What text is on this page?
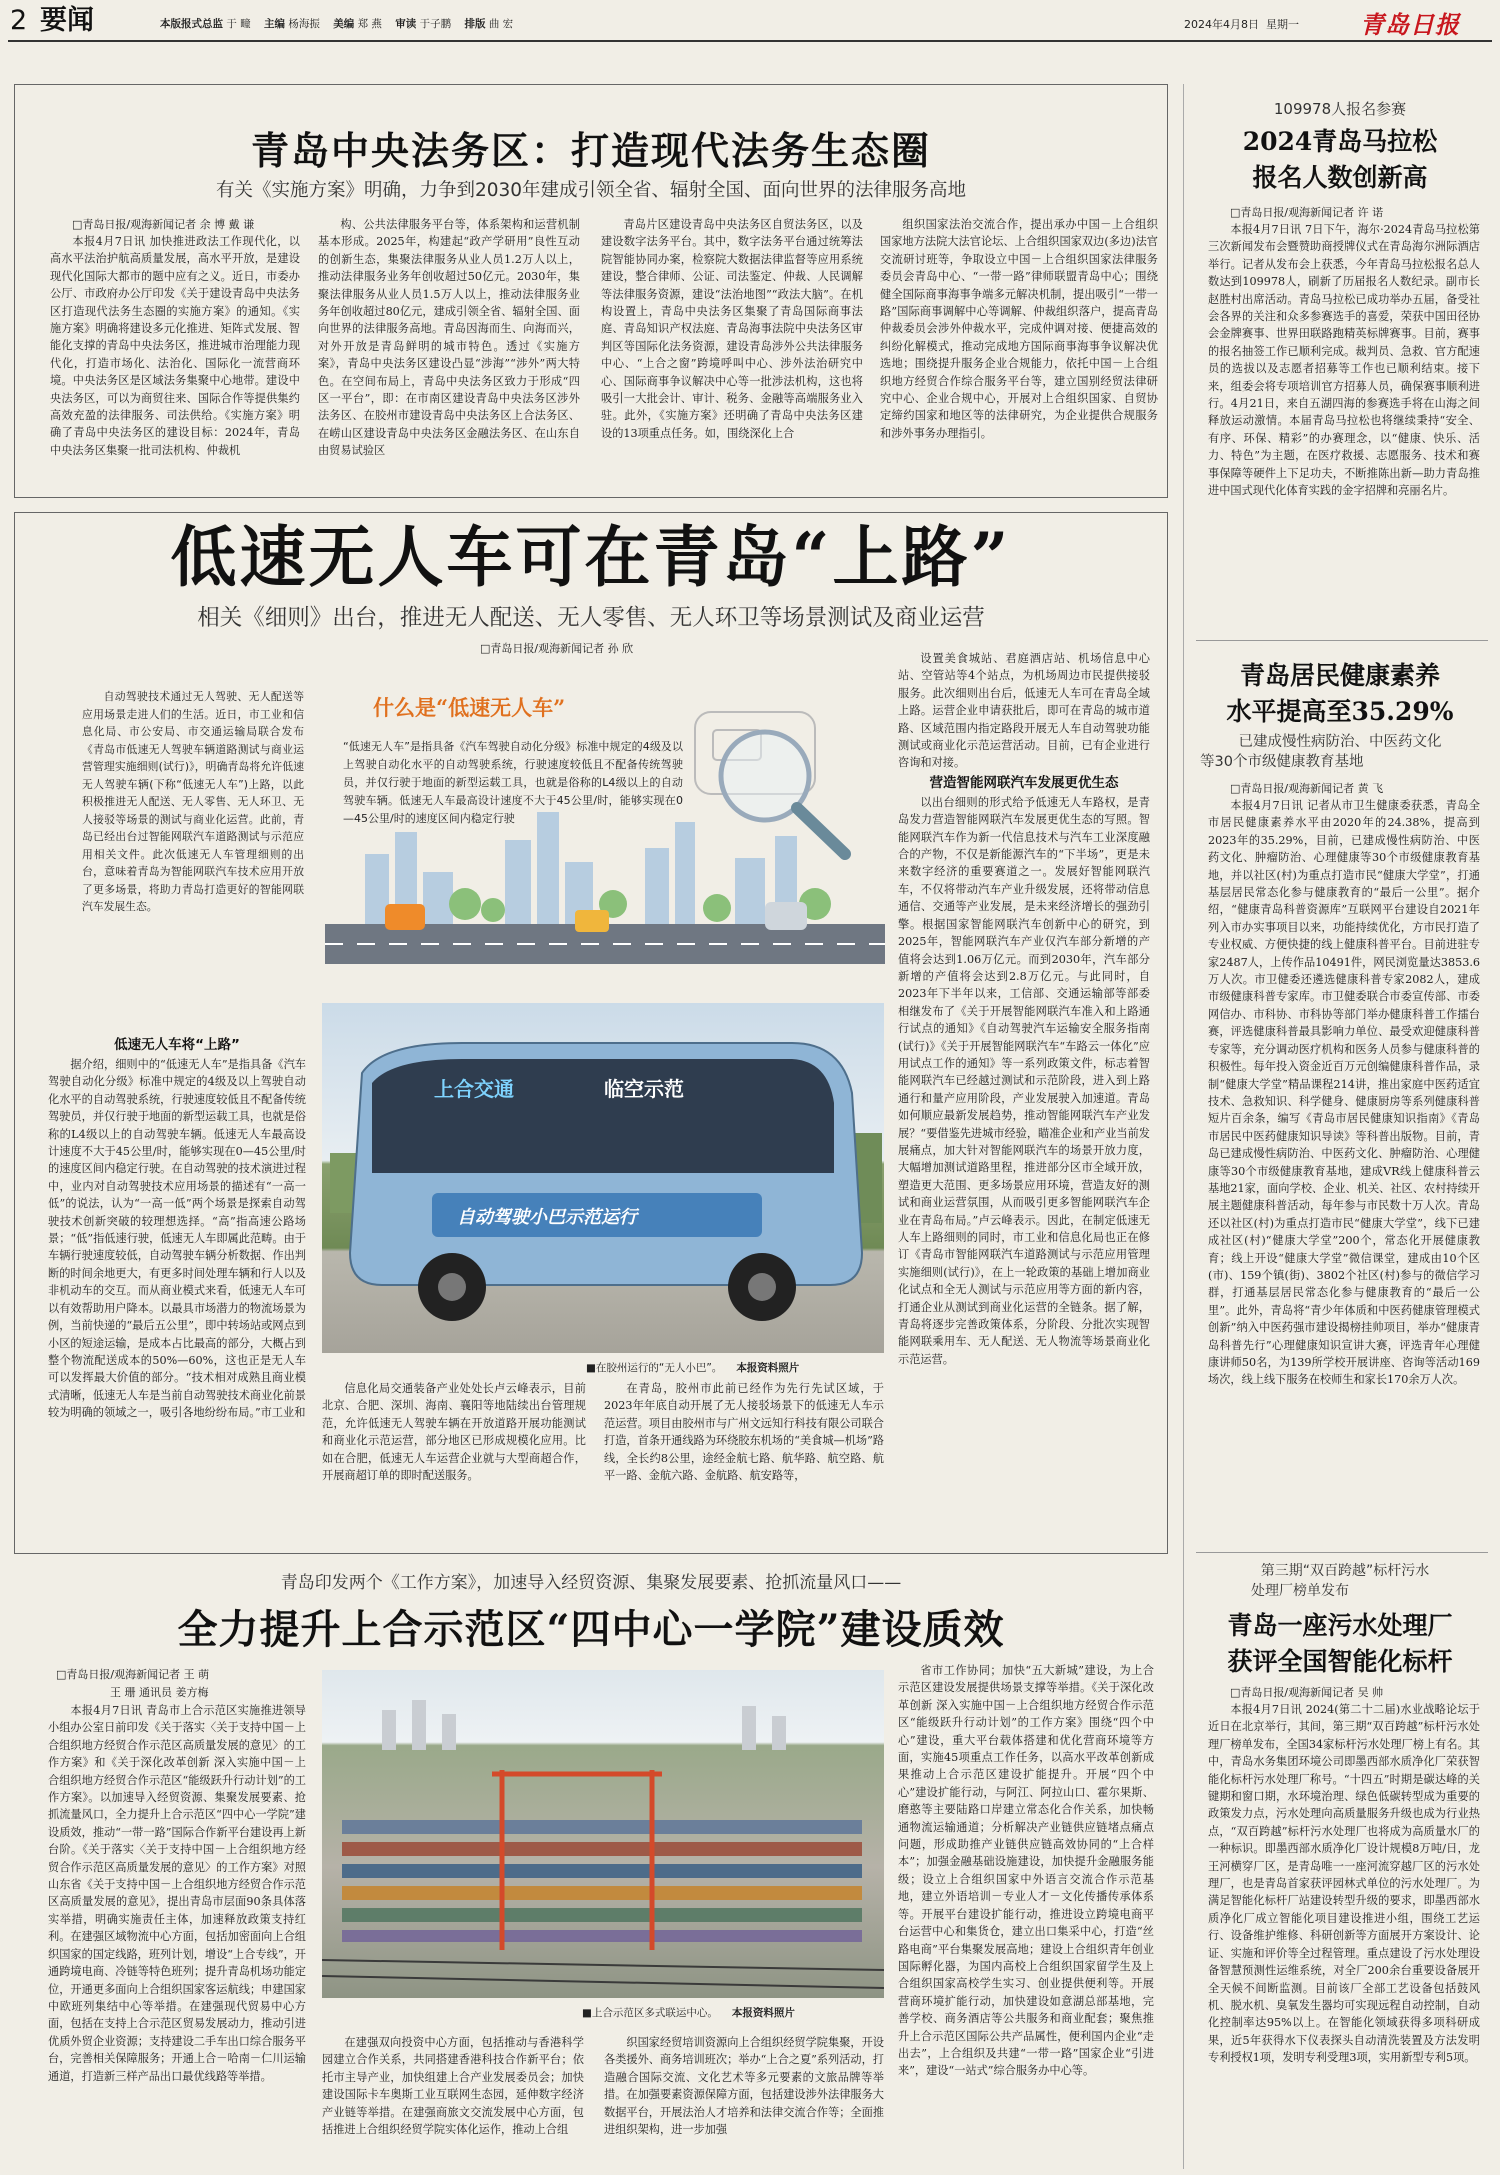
2 要闻	本版报式总监 于 疃 主编 杨海振 美编 郑 燕 审读 于子鹏 排版 曲 宏	2024年4月8日 星期一	青岛日报
青岛中央法务区：打造现代法务生态圈
有关《实施方案》明确，力争到2030年建成引领全省、辐射全国、面向世界的法律服务高地

□青岛日报/观海新闻记者 余 博 戴 谦

本报4月7日讯 加快推进政法工作现代化，以高水平法治护航高质量发展，高水平开放，是建设现代化国际大都市的题中应有之义。近日，市委办公厅、市政府办公厅印发《关于建设青岛中央法务区打造现代法务生态圈的实施方案》的通知。《实施方案》明确将建设多元化推进、矩阵式发展、智能化支撑的青岛中央法务区，推进城市治理能力现代化，打造市场化、法治化、国际化一流营商环境。中央法务区是区域法务集聚中心地带。建设中央法务区，可以为商贸往来、国际合作等提供集约高效充盈的法律服务、司法供给。《实施方案》明确了青岛中央法务区的建设目标：2024年，青岛中央法务区集聚一批司法机构、仲裁机

构、公共法律服务平台等，体系架构和运营机制基本形成。2025年，构建起“政产学研用”良性互动的创新生态，集聚法律服务从业人员1.2万人以上，推动法律服务业务年创收超过50亿元。2030年，集聚法律服务从业人员1.5万人以上，推动法律服务业务年创收超过80亿元，建成引领全省、辐射全国、面向世界的法律服务高地。青岛因海而生、向海而兴，对外开放是青岛鲜明的城市特色。透过《实施方案》，青岛中央法务区建设凸显“涉海”“涉外”两大特色。在空间布局上，青岛中央法务区致力于形成“四区一平台”，即：在市南区建设青岛中央法务区涉外法务区、在胶州市建设青岛中央法务区上合法务区、在崂山区建设青岛中央法务区金融法务区、在山东自由贸易试验区

青岛片区建设青岛中央法务区自贸法务区，以及建设数字法务平台。其中，数字法务平台通过统筹法院智能协同办案，检察院大数据法律监督等应用系统建设，整合律师、公证、司法鉴定、仲裁、人民调解等法律服务资源，建设“法治地图”“政法大脑”。在机构设置上，青岛中央法务区集聚了青岛国际商事法庭、青岛知识产权法庭、青岛海事法院中央法务区审判区等国际化法务资源，建设青岛涉外公共法律服务中心、“上合之窗”跨境呼叫中心、涉外法治研究中心、国际商事争议解决中心等一批涉法机构，这也将吸引一大批会计、审计、税务、金融等高端服务业入驻。此外，《实施方案》还明确了青岛中央法务区建设的13项重点任务。如，围绕深化上合

组织国家法治交流合作，提出承办中国－上合组织国家地方法院大法官论坛、上合组织国家双边(多边)法官交流研讨班等，争取设立中国－上合组织国家法律服务委员会青岛中心、“一带一路”律师联盟青岛中心；围绕健全国际商事海事争端多元解决机制，提出吸引“一带一路”国际商事调解中心等调解、仲裁组织落户，提高青岛仲裁委员会涉外仲裁水平，完成仲调对接、便捷高效的纠纷化解模式，推动完成地方国际商事海事争议解决优选地；围绕提升服务企业合规能力，依托中国－上合组织地方经贸合作综合服务平台等，建立国别经贸法律研究中心、企业合规中心，开展对上合组织国家、自贸协定缔约国家和地区等的法律研究，为企业提供合规服务和涉外事务办理指引。

低速无人车可在青岛“上路”
相关《细则》出台，推进无人配送、无人零售、无人环卫等场景测试及商业运营
□青岛日报/观海新闻记者 孙 欣

自动驾驶技术通过无人驾驶、无人配送等应用场景走进人们的生活。近日，市工业和信息化局、市公安局、市交通运输局联合发布《青岛市低速无人驾驶车辆道路测试与商业运营管理实施细则(试行)》，明确青岛将允许低速无人驾驶车辆(下称“低速无人车”)上路，以此积极推进无人配送、无人零售、无人环卫、无人接驳等场景的测试与商业化运营。此前，青岛已经出台过智能网联汽车道路测试与示范应用相关文件。此次低速无人车管理细则的出台，意味着青岛为智能网联汽车技术应用开放了更多场景，将助力青岛打造更好的智能网联汽车发展生态。

什么是“低速无人车”
“低速无人车”是指具备《汽车驾驶自动化分级》标准中规定的4级及以上驾驶自动化水平的自动驾驶系统，行驶速度较低且不配备传统驾驶员，并仅行驶于地面的新型运载工具，也就是俗称的L4级以上的自动驾驶车辆。低速无人车最高设计速度不大于45公里/时，能够实现在0—45公里/时的速度区间内稳定行驶
上合交通	临空示范
自动驾驶小巴示范运行
■在胶州运行的“无人小巴”。 本报资料照片

低速无人车将“上路”

据介绍，细则中的“低速无人车”是指具备《汽车驾驶自动化分级》标准中规定的4级及以上驾驶自动化水平的自动驾驶系统，行驶速度较低且不配备传统驾驶员，并仅行驶于地面的新型运载工具，也就是俗称的L4级以上的自动驾驶车辆。低速无人车最高设计速度不大于45公里/时，能够实现在0—45公里/时的速度区间内稳定行驶。在自动驾驶的技术演进过程中，业内对自动驾驶技术应用场景的描述有“一高一低”的说法，认为“一高一低”两个场景是探索自动驾驶技术创新突破的较理想选择。“高”指高速公路场景；“低”指低速行驶，低速无人车即属此范畴。由于车辆行驶速度较低，自动驾驶车辆分析数据、作出判断的时间余地更大，有更多时间处理车辆和行人以及非机动车的交互。而从商业模式来看，低速无人车可以有效帮助用户降本。以最具市场潜力的物流场景为例，当前快递的“最后五公里”，即中转场站或网点到小区的短途运输，是成本占比最高的部分，大概占到整个物流配送成本的50%—60%，这也正是无人车可以发挥最大价值的部分。“技术相对成熟且商业模式清晰，低速无人车是当前自动驾驶技术商业化前景较为明确的领域之一，吸引各地纷纷布局。”市工业和

信息化局交通装备产业处处长卢云峰表示，目前北京、合肥、深圳、海南、襄阳等地陆续出台管理规范，允许低速无人驾驶车辆在开放道路开展功能测试和商业化示范运营，部分地区已形成规模化应用。比如在合肥，低速无人车运营企业就与大型商超合作，开展商超订单的即时配送服务。

在青岛，胶州市此前已经作为先行先试区域，于2023年年底自动开展了无人接驳场景下的低速无人车示范运营。项目由胶州市与广州文远知行科技有限公司联合打造，首条开通线路为环绕胶东机场的“美食城—机场”路线，全长约8公里，途经金航七路、航华路、航空路、航平一路、金航六路、金航路、航安路等，

设置美食城站、君庭酒店站、机场信息中心站、空管站等4个站点，为机场周边市民提供接驳服务。此次细则出台后，低速无人车可在青岛全域上路。运营企业申请获批后，即可在青岛的城市道路、区域范围内指定路段开展无人车自动驾驶功能测试或商业化示范运营活动。目前，已有企业进行咨询和对接。

营造智能网联汽车发展更优生态

以出台细则的形式给予低速无人车路权，是青岛发力营造智能网联汽车发展更优生态的写照。智能网联汽车作为新一代信息技术与汽车工业深度融合的产物，不仅是新能源汽车的“下半场”，更是未来数字经济的重要赛道之一。发展好智能网联汽车，不仅将带动汽车产业升级发展，还将带动信息通信、交通等产业发展，是未来经济增长的强劲引擎。根据国家智能网联汽车创新中心的研究，到2025年，智能网联汽车产业仅汽车部分新增的产值将会达到1.06万亿元。而到2030年，汽车部分新增的产值将会达到2.8万亿元。与此同时，自2023年下半年以来，工信部、交通运输部等部委相继发布了《关于开展智能网联汽车准入和上路通行试点的通知》《自动驾驶汽车运输安全服务指南(试行)》《关于开展智能网联汽车“车路云一体化”应用试点工作的通知》等一系列政策文件，标志着智能网联汽车已经越过测试和示范阶段，进入到上路通行和量产应用阶段，产业发展驶入加速道。青岛如何顺应最新发展趋势，推动智能网联汽车产业发展？“要借鉴先进城市经验，瞄准企业和产业当前发展痛点，加大针对智能网联汽车的场景开放力度，大幅增加测试道路里程，推进部分区市全域开放，塑造更大范围、更多场景应用环境，营造友好的测试和商业运营氛围，从而吸引更多智能网联汽车企业在青岛布局。”卢云峰表示。因此，在制定低速无人车上路细则的同时，市工业和信息化局也正在修订《青岛市智能网联汽车道路测试与示范应用管理实施细则(试行)》，在上一轮政策的基础上增加商业化试点和全无人测试与示范应用等方面的新内容，打通企业从测试到商业化运营的全链条。据了解，青岛将逐步完善政策体系，分阶段、分批次实现智能网联乘用车、无人配送、无人物流等场景商业化示范运营。

青岛印发两个《工作方案》，加速导入经贸资源、集聚发展要素、抢抓流量风口——
全力提升上合示范区“四中心一学院”建设质效
□青岛日报/观海新闻记者 王 萌
王 珊 通讯员 姜方梅
■上合示范区多式联运中心。 本报资料照片

本报4月7日讯 青岛市上合示范区实施推进领导小组办公室日前印发《关于落实〈关于支持中国－上合组织地方经贸合作示范区高质量发展的意见〉的工作方案》和《关于深化改革创新 深入实施中国－上合组织地方经贸合作示范区“能级跃升行动计划”的工作方案》。以加速导入经贸资源、集聚发展要素、抢抓流量风口，全力提升上合示范区“四中心一学院”建设质效，推动“一带一路”国际合作新平台建设再上新台阶。《关于落实〈关于支持中国－上合组织地方经贸合作示范区高质量发展的意见〉的工作方案》对照山东省《关于支持中国－上合组织地方经贸合作示范区高质量发展的意见》，提出青岛市层面90条具体落实举措，明确实施责任主体，加速释放政策支持红利。在建强区域物流中心方面，包括加密面向上合组织国家的国定线路，班列计划，增设“上合专线”，开通跨境电商、冷链等特色班列；提升青岛机场功能定位，开通更多面向上合组织国家客运航线；申建国家中欧班列集结中心等举措。在建强现代贸易中心方面，包括在支持上合示范区贸易发展动力，推动引进优质外贸企业资源；支持建设二手车出口综合服务平台，完善相关保障服务；开通上合－哈南－仁川运输通道，打造新三样产品出口最优线路等举措。

在建强双向投资中心方面，包括推动与香港科学园建立合作关系，共同搭建香港科技合作新平台；依托市主导产业，加快组建上合产业发展委员会；加快建设国际卡车奥斯工业互联网生态园，延伸数字经济产业链等举措。在建强商旅文交流发展中心方面，包括推进上合组织经贸学院实体化运作，推动上合组

织国家经贸培训资源向上合组织经贸学院集聚，开设各类援外、商务培训班次；举办“上合之夏”系列活动，打造融合国际交流、文化艺术等多元要素的文旅品牌等举措。在加强要素资源保障方面，包括建设涉外法律服务大数据平台，开展法治人才培养和法律交流合作等；全面推进组织架构，进一步加强

省市工作协同；加快“五大新城”建设，为上合示范区建设发展提供场景支撑等举措。《关于深化改革创新 深入实施中国－上合组织地方经贸合作示范区“能级跃升行动计划”的工作方案》围绕“四个中心”建设，重大平台载体搭建和优化营商环境等方面，实施45项重点工作任务，以高水平改革创新成果推动上合示范区建设扩能提升。开展“四个中心”建设扩能行动，与阿江、阿拉山口、霍尔果斯、磨憨等主要陆路口岸建立常态化合作关系，加快畅通物流运输通道；分析解决产业链供应链堵点痛点问题，形成助推产业链供应链高效协同的“上合样本”；加强金融基础设施建设，加快提升金融服务能级；设立上合组织国家中外语言交流合作示范基地，建立外语培训－专业人才－文化传播传承体系等。开展平台建设扩能行动，推进设立跨境电商平台运营中心和集货仓，建立出口集采中心，打造“丝路电商”平台集聚发展高地；建设上合组织青年创业国际孵化器，为国内高校上合组织国家留学生及上合组织国家高校学生实习、创业提供便利等。开展营商环境扩能行动，加快建设如意湖总部基地，完善学校、商务酒店等公共服务和商业配套；聚焦推升上合示范区国际公共产品属性，便利国内企业“走出去”，上合组织及共建“一带一路”国家企业“引进来”，建设“一站式”综合服务办中心等。

109978人报名参赛
2024青岛马拉松
报名人数创新高

□青岛日报/观海新闻记者 许 诺

本报4月7日讯 7日下午，海尔·2024青岛马拉松第三次新闻发布会暨赞助商授牌仪式在青岛海尔洲际酒店举行。记者从发布会上获悉，今年青岛马拉松报名总人数达到109978人，刷新了历届报名人数纪录。副市长赵胜村出席活动。青岛马拉松已成功举办五届，备受社会各界的关注和众多参赛选手的喜爱，荣获中国田径协会金牌赛事、世界田联路跑精英标牌赛事。目前，赛事的报名抽签工作已顺利完成。裁判员、急救、官方配速员的选拔以及志愿者招募等工作也已顺利结束。接下来，组委会将专项培训官方招募人员，确保赛事顺利进行。4月21日，来自五湖四海的参赛选手将在山海之间释放运动激情。本届青岛马拉松也将继续秉持“安全、有序、环保、精彩”的办赛理念，以“健康、快乐、活力、特色”为主题，在医疗救援、志愿服务、技术和赛事保障等硬件上下足功夫，不断推陈出新—助力青岛推进中国式现代化体育实践的金字招牌和亮丽名片。

青岛居民健康素养
水平提高至35.29%
已建成慢性病防治、中医药文化
等30个市级健康教育基地

□青岛日报/观海新闻记者 黄 飞

本报4月7日讯 记者从市卫生健康委获悉，青岛全市居民健康素养水平由2020年的24.38%，提高到2023年的35.29%，目前，已建成慢性病防治、中医药文化、肿瘤防治、心理健康等30个市级健康教育基地，并以社区(村)为重点打造市民“健康大学堂”，打通基层居民常态化参与健康教育的“最后一公里”。据介绍，“健康青岛科普资源库”互联网平台建设自2021年列入市办实事项目以来，功能持续优化，方市民打造了专业权威、方便快捷的线上健康科普平台。目前进驻专家2487人，上传作品10491件，网民浏览量达3853.6万人次。市卫健委还遴选健康科普专家2082人，建成市级健康科普专家库。市卫健委联合市委宣传部、市委网信办、市科协、市科协等部门举办健康科普工作擂台赛，评选健康科普最具影响力单位、最受欢迎健康科普专家等，充分调动医疗机构和医务人员参与健康科普的积极性。每年投入资金近百万元创编健康科普作品，录制“健康大学堂”精品课程214讲，推出家庭中医药适宜技术、急救知识、科学健身、健康厨房等系列健康科普短片百余条，编写《青岛市居民健康知识指南》《青岛市居民中医药健康知识导读》等科普出版物。目前，青岛已建成慢性病防治、中医药文化、肿瘤防治、心理健康等30个市级健康教育基地，建成VR线上健康科普云基地21家，面向学校、企业、机关、社区、农村持续开展主题健康科普活动，每年参与市民数十万人次。青岛还以社区(村)为重点打造市民“健康大学堂”，线下已建成社区(村)“健康大学堂”200个，常态化开展健康教育；线上开设“健康大学堂”微信课堂，建成由10个区(市)、159个镇(街)、3802个社区(村)参与的微信学习群，打通基层居民常态化参与健康教育的“最后一公里”。此外，青岛将“青少年体质和中医药健康管理模式创新”纳入中医药强市建设揭榜挂帅项目，举办“健康青岛科普先行”心理健康知识宣讲大赛，评选青年心理健康讲师50名，为139所学校开展讲座、咨询等活动169场次，线上线下服务在校师生和家长170余万人次。

第三期“双百跨越”标杆污水
处理厂榜单发布
青岛一座污水处理厂
获评全国智能化标杆

□青岛日报/观海新闻记者 吴 帅

本报4月7日讯 2024(第二十二届)水业战略论坛于近日在北京举行，其间，第三期“双百跨越”标杆污水处理厂榜单发布，全国34家标杆污水处理厂榜上有名。其中，青岛水务集团环境公司即墨西部水质净化厂荣获智能化标杆污水处理厂称号。“十四五”时期是碳达峰的关键期和窗口期，水环境治理、绿色低碳转型成为重要的政策发力点，污水处理向高质量服务升级也成为行业热点，“双百跨越”标杆污水处理厂也将成为高质量水厂的一种标识。即墨西部水质净化厂设计规模8万吨/日，龙王河横穿厂区，是青岛唯一一座河流穿越厂区的污水处理厂，也是青岛首家获评园林式单位的污水处理厂。为满足智能化标杆厂站建设转型升级的要求，即墨西部水质净化厂成立智能化项目建设推进小组，围绕工艺运行、设备维护维修、科研创新等方面展开方案设计、论证、实施和评价等全过程管理。重点建设了污水处理设备智慧预测性运维系统，对全厂200余台重要设备展开全天候不间断监测。目前该厂全部工艺设备包括鼓风机、脱水机、臭氧发生器均可实现远程自动控制，自动化控制率达95%以上。在智能化领域获得多项科研成果，近5年获得水下仪表探头自动清洗装置及方法发明专利授权1项，发明专利受理3项，实用新型专利5项。
